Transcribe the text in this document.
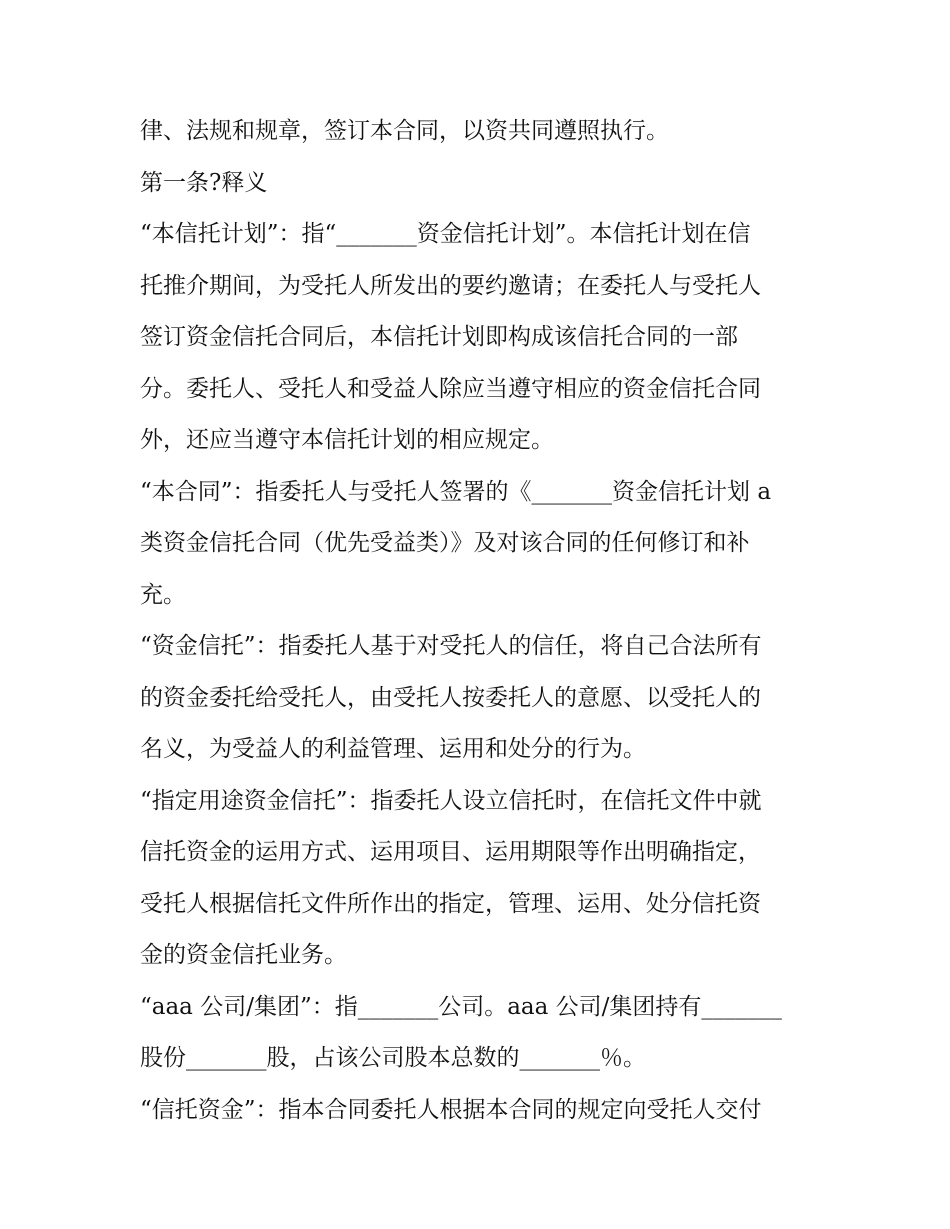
律、法规和规章，签订本合同，以资共同遵照执行。
第一条?释义
“本信托计划”：指“_______资金信托计划”。本信托计划在信
托推介期间，为受托人所发出的要约邀请；在委托人与受托人
签订资金信托合同后，本信托计划即构成该信托合同的一部
分。委托人、受托人和受益人除应当遵守相应的资金信托合同
外，还应当遵守本信托计划的相应规定。
“本合同”：指委托人与受托人签署的《_______资金信托计划 a
类资金信托合同（优先受益类）》及对该合同的任何修订和补
充。
“资金信托”：指委托人基于对受托人的信任，将自己合法所有
的资金委托给受托人，由受托人按委托人的意愿、以受托人的
名义，为受益人的利益管理、运用和处分的行为。
“指定用途资金信托”：指委托人设立信托时，在信托文件中就
信托资金的运用方式、运用项目、运用期限等作出明确指定，
受托人根据信托文件所作出的指定，管理、运用、处分信托资
金的资金信托业务。
“aaa 公司/集团”：指_______公司。aaa 公司/集团持有_______
股份_______股，占该公司股本总数的_______％。
“信托资金”：指本合同委托人根据本合同的规定向受托人交付
